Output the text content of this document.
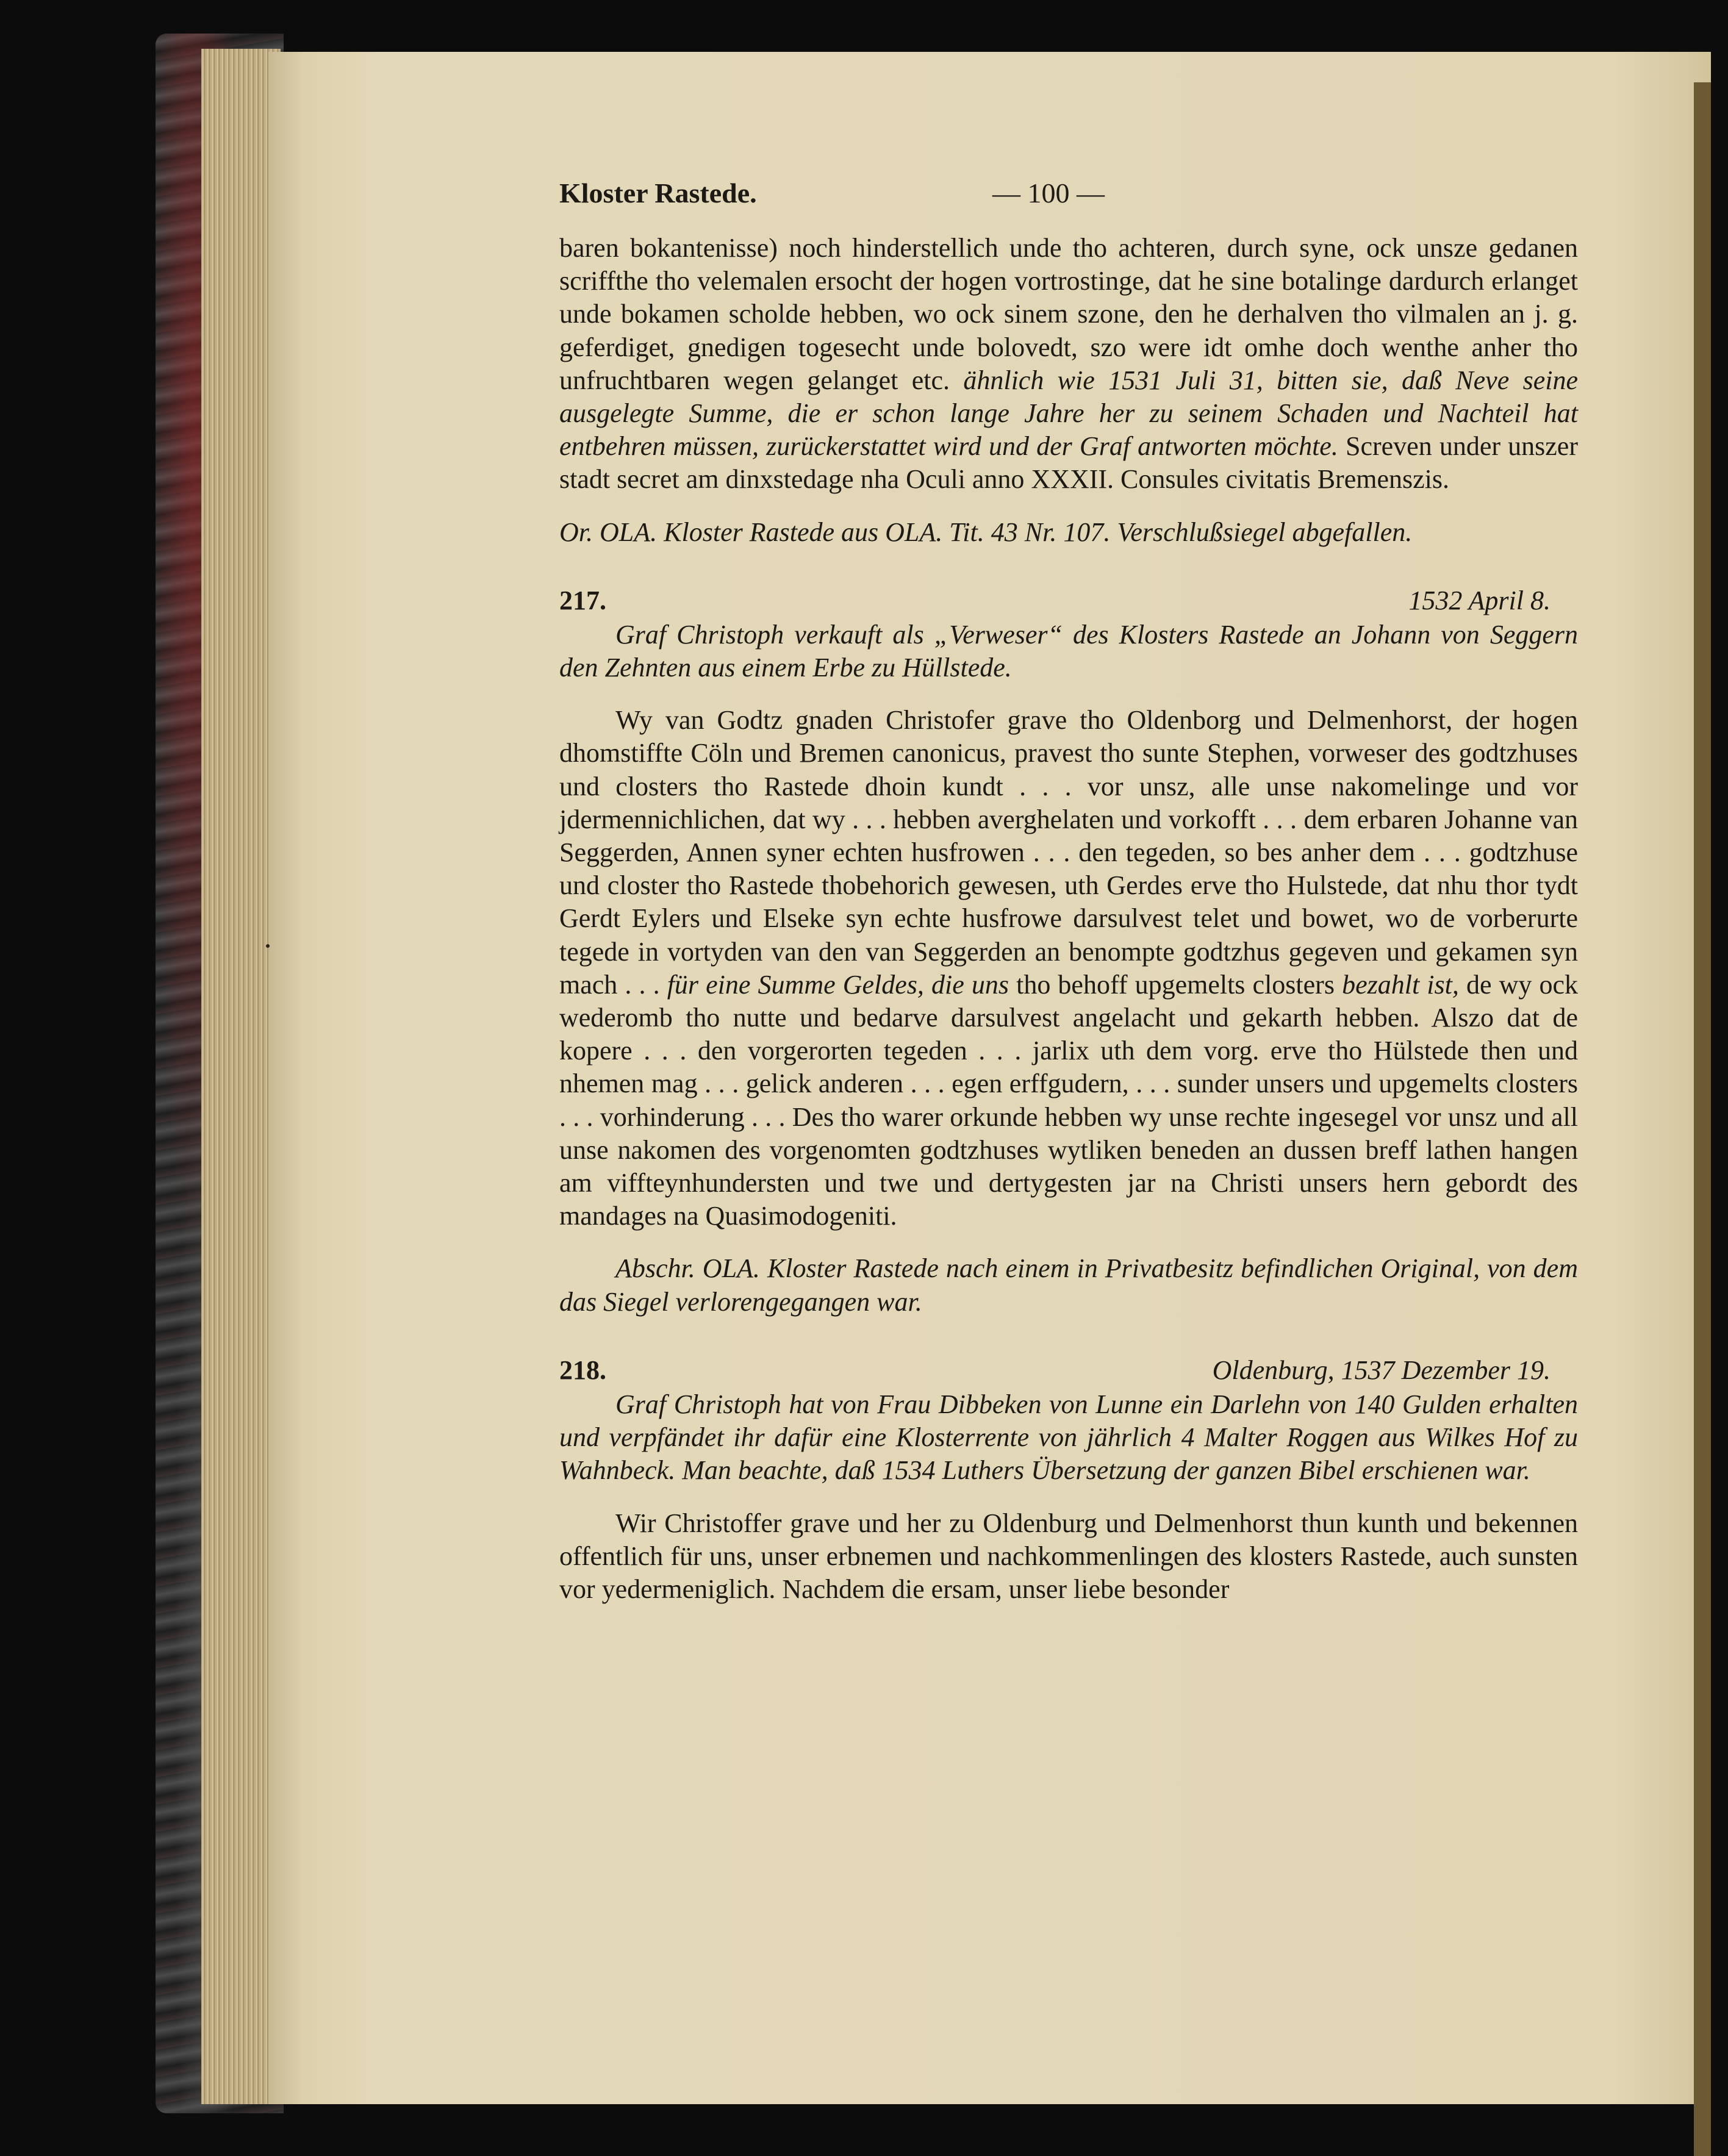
Kloster Rastede.	— 100 —

baren bokantenisse) noch hinderstellich unde tho achteren, durch syne, ock unsze gedanen scriffthe tho velemalen ersocht der hogen vortrostinge, dat he sine botalinge dardurch erlanget unde bokamen scholde hebben, wo ock sinem szone, den he derhalven tho vilmalen an j. g. geferdiget, gnedigen togesecht unde bolovedt, szo were idt omhe doch wenthe anher tho unfruchtbaren wegen gelanget etc. ähnlich wie 1531 Juli 31, bitten sie, daß Neve seine ausgelegte Summe, die er schon lange Jahre her zu seinem Schaden und Nachteil hat entbehren müssen, zurückerstattet wird und der Graf antworten möchte. Screven under unszer stadt secret am dinxstedage nha Oculi anno XXXII. Consules civitatis Bremenszis.

Or. OLA. Kloster Rastede aus OLA. Tit. 43 Nr. 107. Verschlußsiegel abgefallen.

217.	1532 April 8.

Graf Christoph verkauft als „Verweser“ des Klosters Rastede an Johann von Seggern den Zehnten aus einem Erbe zu Hüllstede.

Wy van Godtz gnaden Christofer grave tho Oldenborg und Delmenhorst, der hogen dhomstiffte Cöln und Bremen canonicus, pravest tho sunte Stephen, vorweser des godtzhuses und closters tho Rastede dhoin kundt . . . vor unsz, alle unse nakomelinge und vor jdermennichlichen, dat wy . . . hebben averghelaten und vorkofft . . . dem erbaren Johanne van Seggerden, Annen syner echten husfrowen . . . den tegeden, so bes anher dem . . . godtzhuse und closter tho Rastede thobehorich gewesen, uth Gerdes erve tho Hulstede, dat nhu thor tydt Gerdt Eylers und Elseke syn echte husfrowe darsulvest telet und bowet, wo de vorberurte tegede in vortyden van den van Seggerden an benompte godtzhus gegeven und gekamen syn mach . . . für eine Summe Geldes, die uns tho behoff upgemelts closters bezahlt ist, de wy ock wederomb tho nutte und bedarve darsulvest angelacht und gekarth hebben. Alszo dat de kopere . . . den vorgerorten tegeden . . . jarlix uth dem vorg. erve tho Hülstede then und nhemen mag . . . gelick anderen . . . egen erffgudern, . . . sunder unsers und upgemelts closters . . . vorhinderung . . . Des tho warer orkunde hebben wy unse rechte ingesegel vor unsz und all unse nakomen des vorgenomten godtzhuses wytliken beneden an dussen breff lathen hangen am viffteynhundersten und twe und dertygesten jar na Christi unsers hern gebordt des mandages na Quasimodogeniti.

Abschr. OLA. Kloster Rastede nach einem in Privatbesitz befindlichen Original, von dem das Siegel verlorengegangen war.

218.	Oldenburg, 1537 Dezember 19.

Graf Christoph hat von Frau Dibbeken von Lunne ein Darlehn von 140 Gulden erhalten und verpfändet ihr dafür eine Klosterrente von jährlich 4 Malter Roggen aus Wilkes Hof zu Wahnbeck. Man beachte, daß 1534 Luthers Übersetzung der ganzen Bibel erschienen war.

Wir Christoffer grave und her zu Oldenburg und Delmenhorst thun kunth und bekennen offentlich für uns, unser erbnemen und nachkommenlingen des klosters Rastede, auch sunsten vor yedermeniglich. Nachdem die ersam, unser liebe besonder
